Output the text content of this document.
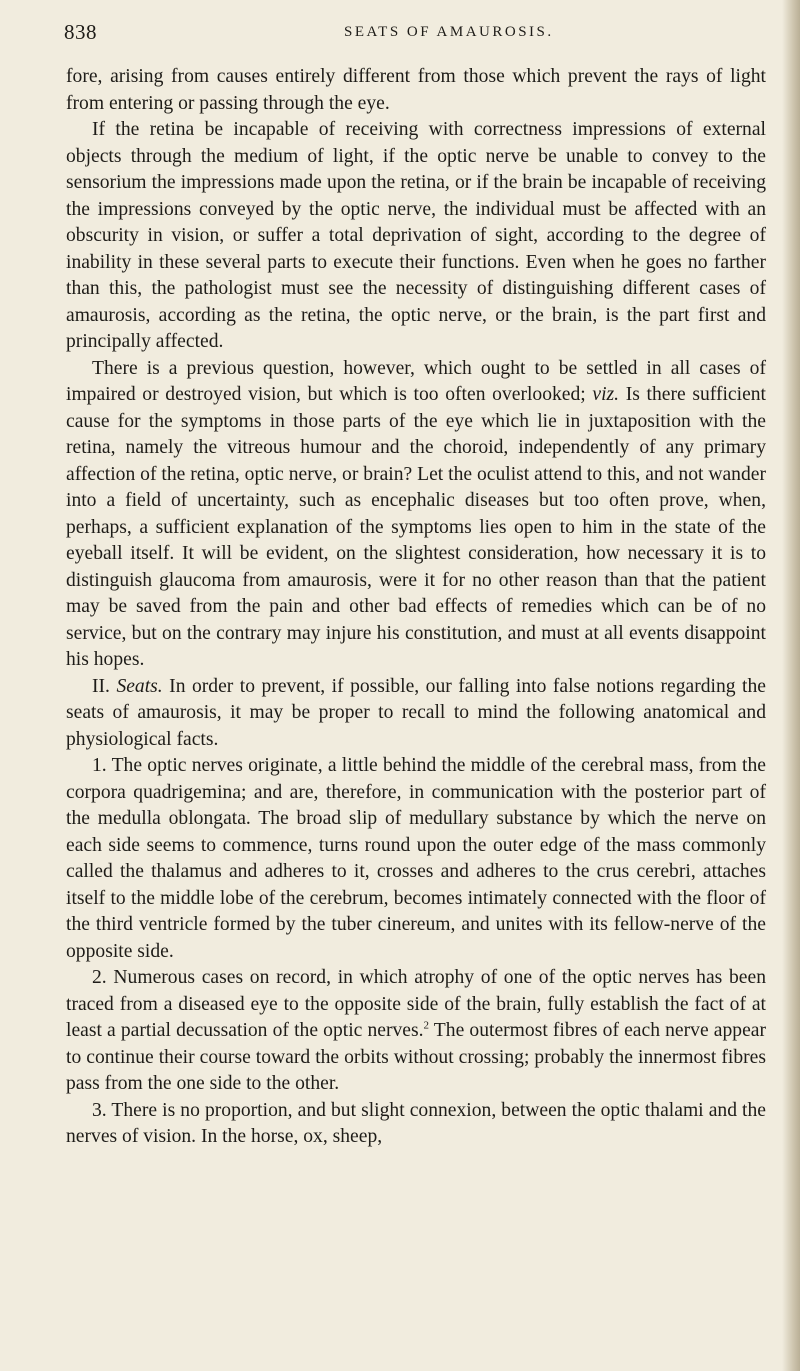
838	SEATS OF AMAUROSIS.

fore, arising from causes entirely different from those which prevent the rays of light from entering or passing through the eye.

If the retina be incapable of receiving with correctness impressions of external objects through the medium of light, if the optic nerve be unable to convey to the sensorium the impressions made upon the retina, or if the brain be incapable of receiving the impressions conveyed by the optic nerve, the individual must be affected with an obscurity in vision, or suffer a total deprivation of sight, according to the degree of inability in these several parts to execute their functions. Even when he goes no farther than this, the pathologist must see the necessity of distinguishing different cases of amaurosis, according as the retina, the optic nerve, or the brain, is the part first and principally affected.

There is a previous question, however, which ought to be settled in all cases of impaired or destroyed vision, but which is too often overlooked; viz. Is there sufficient cause for the symptoms in those parts of the eye which lie in juxtaposition with the retina, namely the vitreous humour and the choroid, independently of any primary affection of the retina, optic nerve, or brain? Let the oculist attend to this, and not wander into a field of uncertainty, such as encephalic diseases but too often prove, when, perhaps, a sufficient explanation of the symptoms lies open to him in the state of the eyeball itself. It will be evident, on the slightest consideration, how necessary it is to distinguish glaucoma from amaurosis, were it for no other reason than that the patient may be saved from the pain and other bad effects of remedies which can be of no service, but on the contrary may injure his constitution, and must at all events disappoint his hopes.

II. Seats. In order to prevent, if possible, our falling into false notions regarding the seats of amaurosis, it may be proper to recall to mind the following anatomical and physiological facts.

1. The optic nerves originate, a little behind the middle of the cerebral mass, from the corpora quadrigemina; and are, therefore, in communication with the posterior part of the medulla oblongata. The broad slip of medullary substance by which the nerve on each side seems to commence, turns round upon the outer edge of the mass commonly called the thalamus and adheres to it, crosses and adheres to the crus cerebri, attaches itself to the middle lobe of the cerebrum, becomes intimately connected with the floor of the third ventricle formed by the tuber cinereum, and unites with its fellow-nerve of the opposite side.

2. Numerous cases on record, in which atrophy of one of the optic nerves has been traced from a diseased eye to the opposite side of the brain, fully establish the fact of at least a partial decussation of the optic nerves.$^2$ The outermost fibres of each nerve appear to continue their course toward the orbits without crossing; probably the innermost fibres pass from the one side to the other.

3. There is no proportion, and but slight connexion, between the optic thalami and the nerves of vision. In the horse, ox, sheep,
